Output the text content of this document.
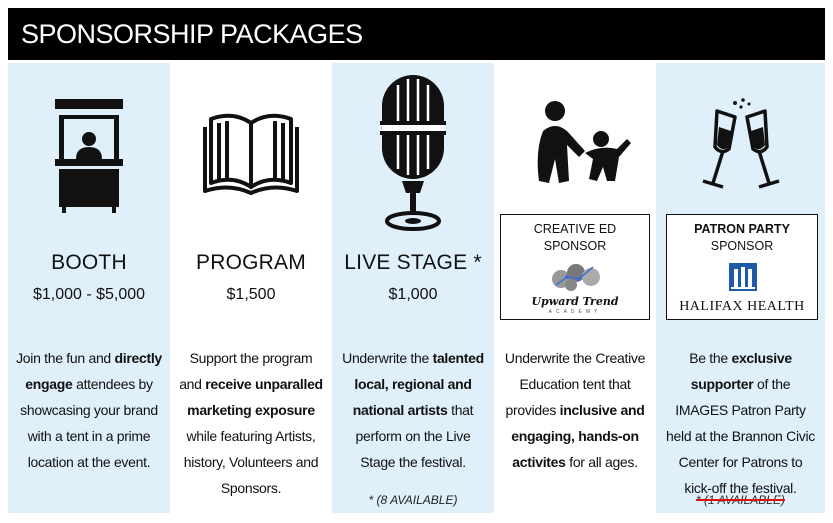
SPONSORSHIP PACKAGES
BOOTH
$1,000 - $5,000
Join the fun and directly engage attendees by showcasing your brand with a tent in a prime location at the event.
PROGRAM
$1,500
Support the program and receive unparalled marketing exposure while featuring Artists, history, Volunteers and Sponsors.
LIVE STAGE *
$1,000
Underwrite the talented local, regional and national artists that perform on the Live Stage the festival.
* (8 AVAILABLE)
CREATIVE ED
SPONSOR
Upward Trend
ACADEMY
Underwrite the Creative Education tent that provides inclusive and engaging, hands-on activites for all ages.
PATRON PARTY
SPONSOR
HALIFAX HEALTH
Be the exclusive supporter of the IMAGES Patron Party held at the Brannon Civic Center for Patrons to kick-off the festival.
* (1 AVAILABLE)
